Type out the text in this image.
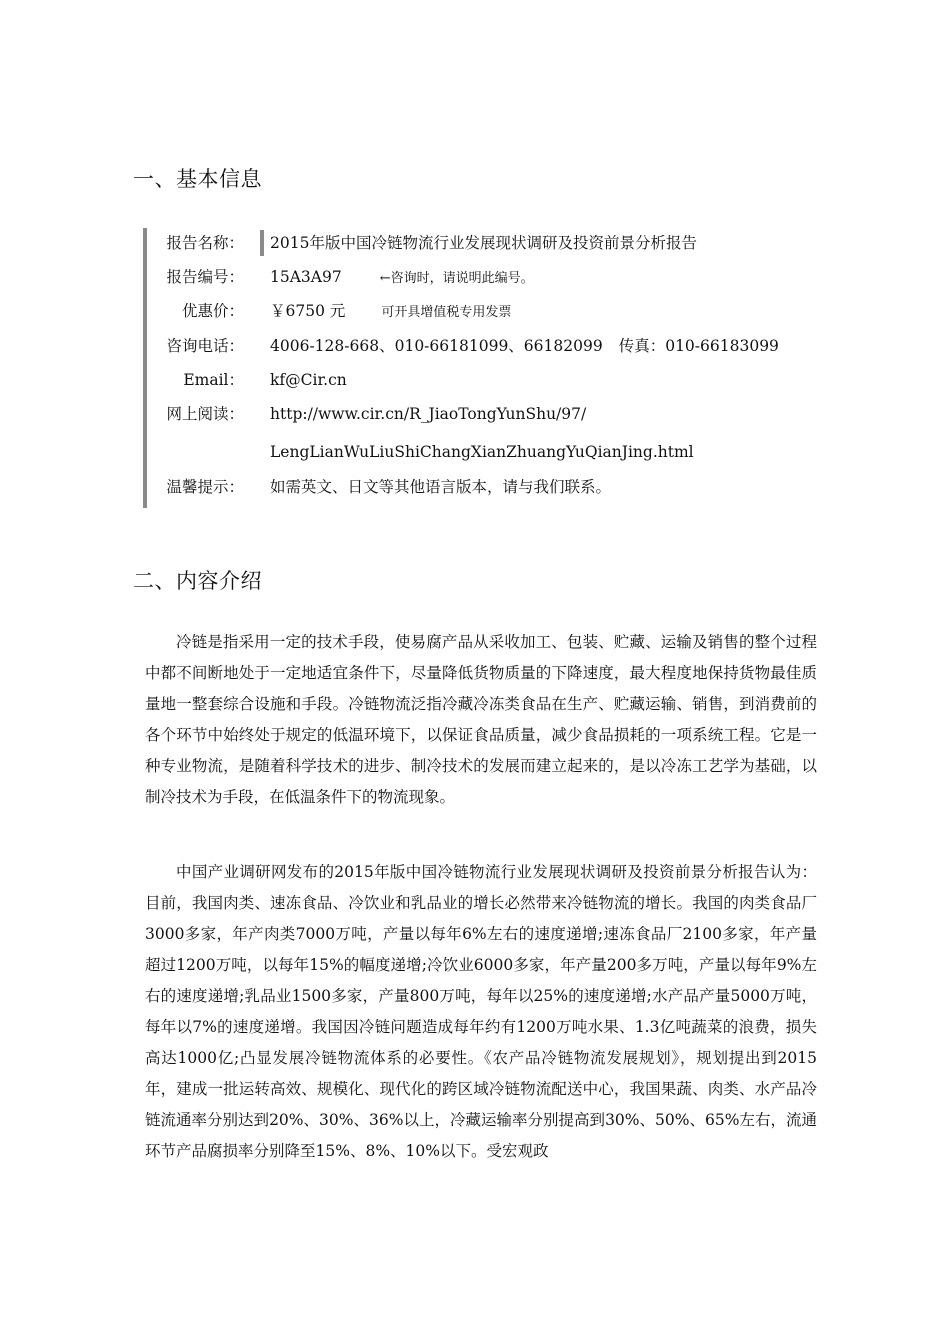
一、基本信息
报告名称：	2015年版中国冷链物流行业发展现状调研及投资前景分析报告
报告编号： 15A3A97	←咨询时，请说明此编号。
优惠价： ￥6750 元	可开具增值税专用发票
咨询电话： 4006-128-668、010-66181099、66182099 传真：010-66183099
Email： kf@Cir.cn
网上阅读： http://www.cir.cn/R_JiaoTongYunShu/97/
LengLianWuLiuShiChangXianZhuangYuQianJing.html
温馨提示： 如需英文、日文等其他语言版本，请与我们联系。
二、内容介绍

冷链是指采用一定的技术手段，使易腐产品从采收加工、包装、贮藏、运输及销售的整个过程中都不间断地处于一定地适宜条件下，尽量降低货物质量的下降速度，最大程度地保持货物最佳质量地一整套综合设施和手段。冷链物流泛指冷藏冷冻类食品在生产、贮藏运输、销售，到消费前的各个环节中始终处于规定的低温环境下，以保证食品质量，减少食品损耗的一项系统工程。它是一种专业物流，是随着科学技术的进步、制冷技术的发展而建立起来的，是以冷冻工艺学为基础，以制冷技术为手段，在低温条件下的物流现象。

中国产业调研网发布的2015年版中国冷链物流行业发展现状调研及投资前景分析报告认为：目前，我国肉类、速冻食品、冷饮业和乳品业的增长必然带来冷链物流的增长。我国的肉类食品厂3000多家，年产肉类7000万吨，产量以每年6%左右的速度递增;速冻食品厂2100多家，年产量超过1200万吨，以每年15%的幅度递增;冷饮业6000多家，年产量200多万吨，产量以每年9%左右的速度递增;乳品业1500多家，产量800万吨，每年以25%的速度递增;水产品产量5000万吨，每年以7%的速度递增。我国因冷链问题造成每年约有1200万吨水果、1.3亿吨蔬菜的浪费，损失高达1000亿;凸显发展冷链物流体系的必要性。《农产品冷链物流发展规划》，规划提出到2015年，建成一批运转高效、规模化、现代化的跨区域冷链物流配送中心，我国果蔬、肉类、水产品冷链流通率分别达到20%、30%、36%以上，冷藏运输率分别提高到30%、50%、65%左右，流通环节产品腐损率分别降至15%、8%、10%以下。受宏观政
